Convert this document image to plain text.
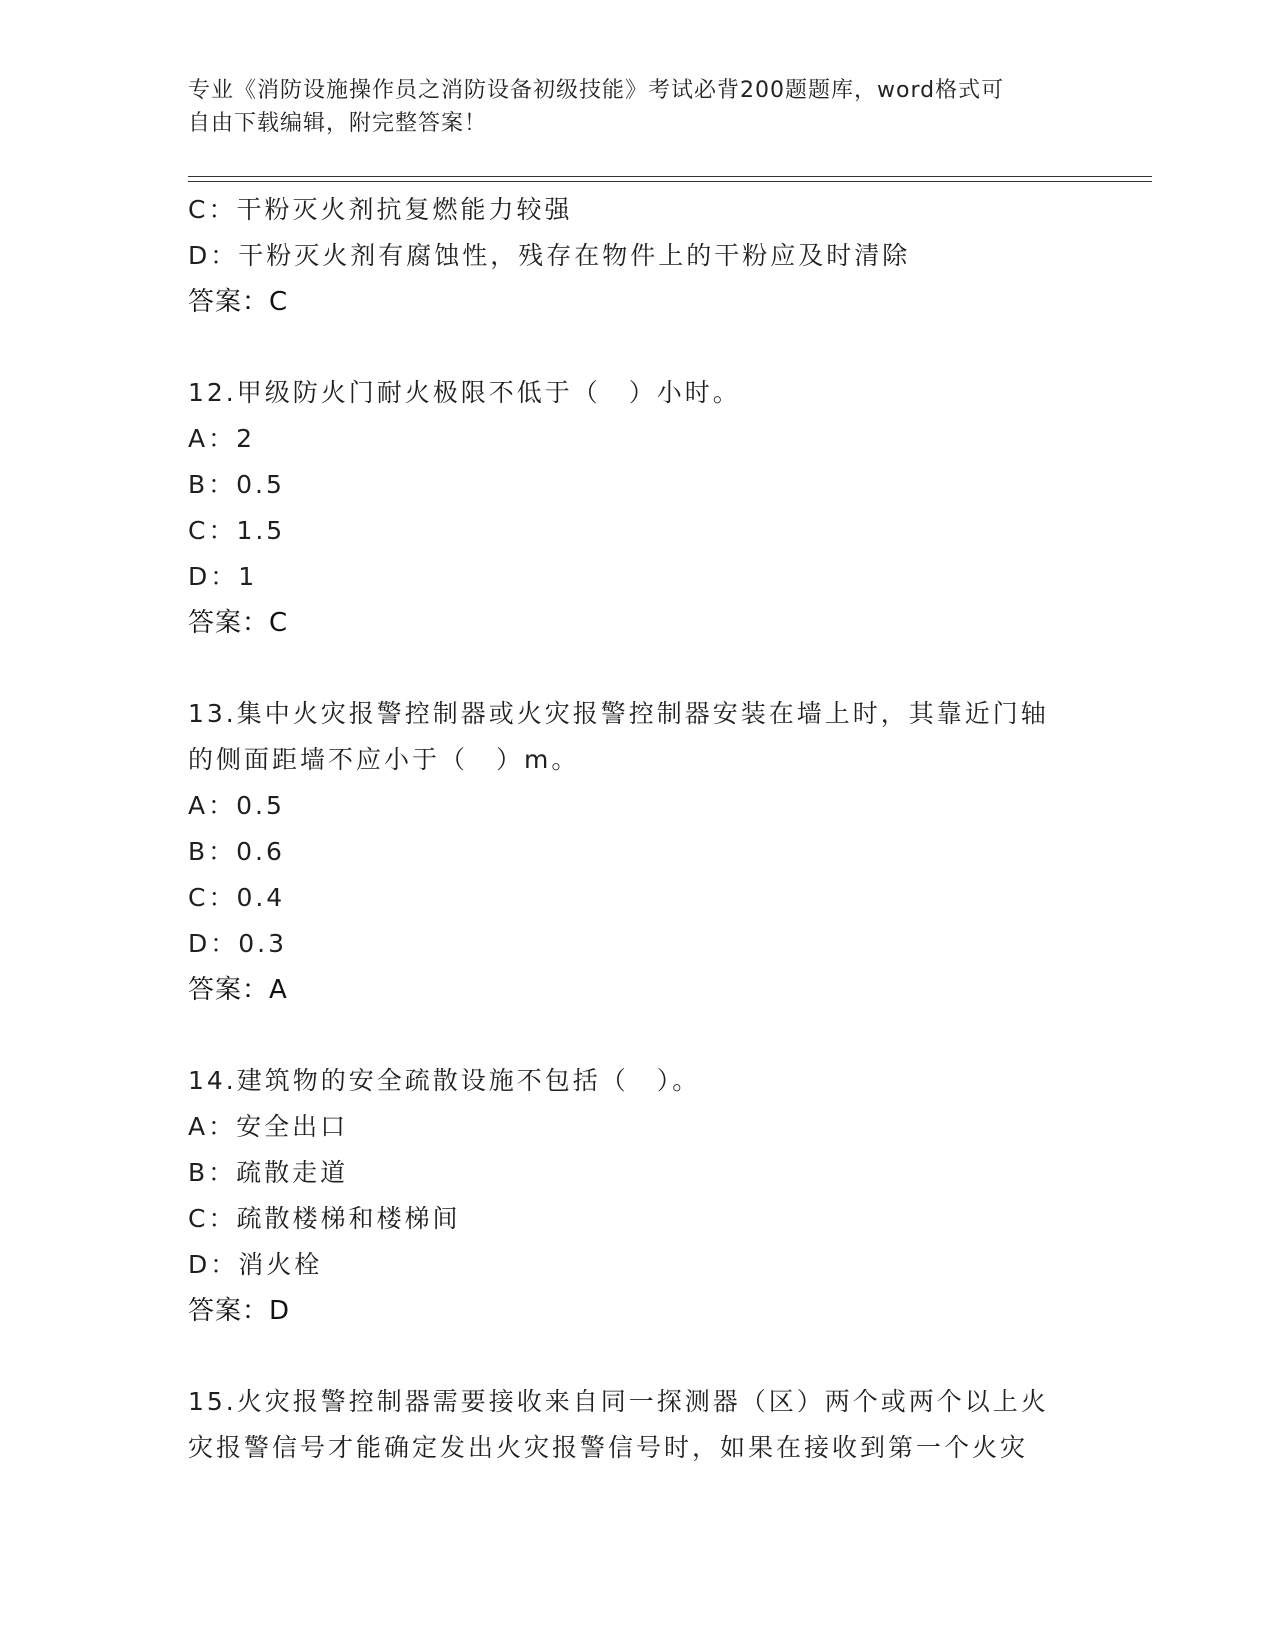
专业《消防设施操作员之消防设备初级技能》考试必背200题题库，word格式可
自由下载编辑，附完整答案！
C：干粉灭火剂抗复燃能力较强
D：干粉灭火剂有腐蚀性，残存在物件上的干粉应及时清除
答案：C
12.甲级防火门耐火极限不低于（　）小时。
A：2
B：0.5
C：1.5
D：1
答案：C
13.集中火灾报警控制器或火灾报警控制器安装在墙上时，其靠近门轴
的侧面距墙不应小于（　）m。
A：0.5
B：0.6
C：0.4
D：0.3
答案：A
14.建筑物的安全疏散设施不包括（　）。
A：安全出口
B：疏散走道
C：疏散楼梯和楼梯间
D：消火栓
答案：D
15.火灾报警控制器需要接收来自同一探测器（区）两个或两个以上火
灾报警信号才能确定发出火灾报警信号时，如果在接收到第一个火灾
